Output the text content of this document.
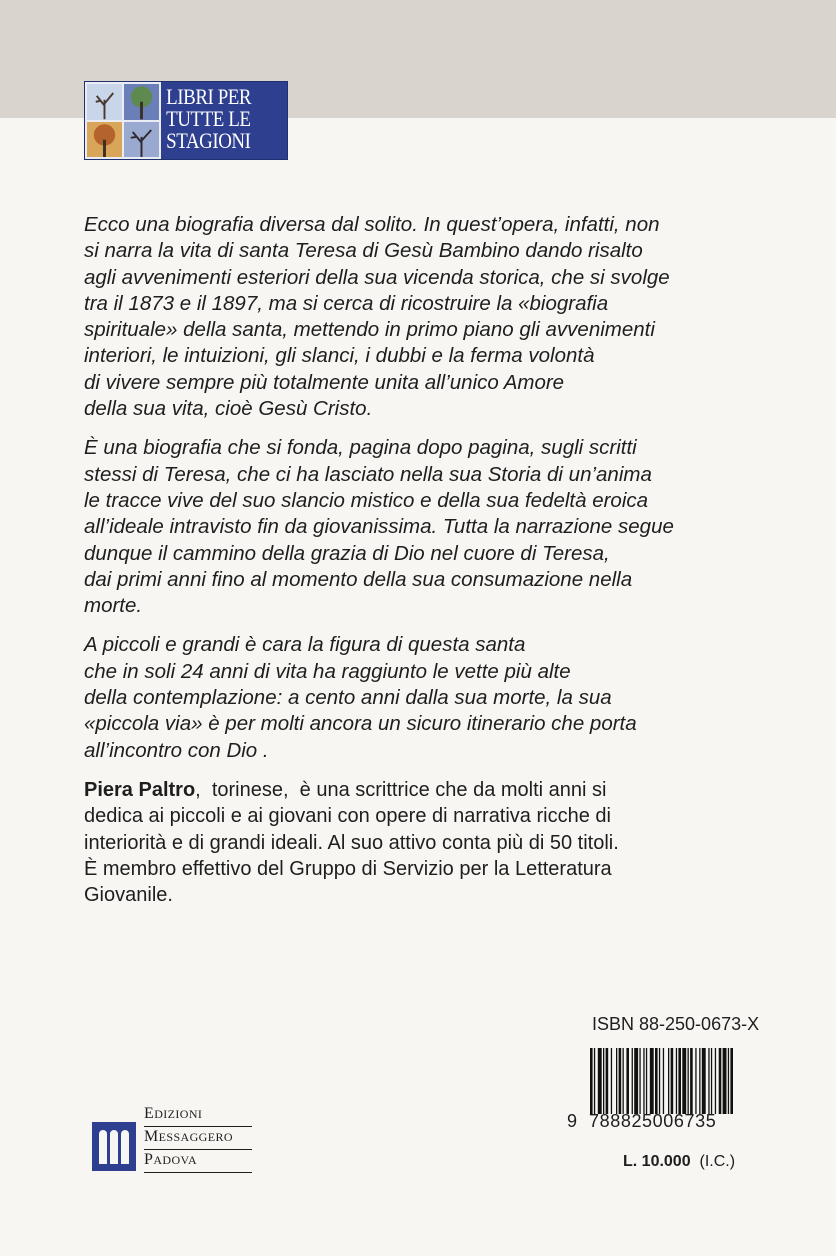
LIBRI PER
TUTTE LE
STAGIONI

Ecco una biografia diversa dal solito. In quest’opera, infatti, non
si narra la vita di santa Teresa di Gesù Bambino dando risalto
agli avvenimenti esteriori della sua vicenda storica, che si svolge
tra il 1873 e il 1897, ma si cerca di ricostruire la «biografia
spirituale» della santa, mettendo in primo piano gli avvenimenti
interiori, le intuizioni, gli slanci, i dubbi e la ferma volontà
di vivere sempre più totalmente unita all’unico Amore
della sua vita, cioè Gesù Cristo.

È una biografia che si fonda, pagina dopo pagina, sugli scritti
stessi di Teresa, che ci ha lasciato nella sua Storia di un’anima
le tracce vive del suo slancio mistico e della sua fedeltà eroica
all’ideale intravisto fin da giovanissima. Tutta la narrazione segue
dunque il cammino della grazia di Dio nel cuore di Teresa,
dai primi anni fino al momento della sua consumazione nella
morte.

A piccoli e grandi è cara la figura di questa santa
che in soli 24 anni di vita ha raggiunto le vette più alte
della contemplazione: a cento anni dalla sua morte, la sua
«piccola via» è per molti ancora un sicuro itinerario che porta
all’incontro con Dio .

Piera Paltro,  torinese,  è una scrittrice che da molti anni si
dedica ai piccoli e ai giovani con opere di narrativa ricche di
interiorità e di grandi ideali. Al suo attivo conta più di 50 titoli.
È membro effettivo del Gruppo di Servizio per la Letteratura
Giovanile.

ISBN 88-250-0673-X
9 788825006735
L. 10.000 (I.C.)
EDIZIONI
MESSAGGERO
PADOVA
